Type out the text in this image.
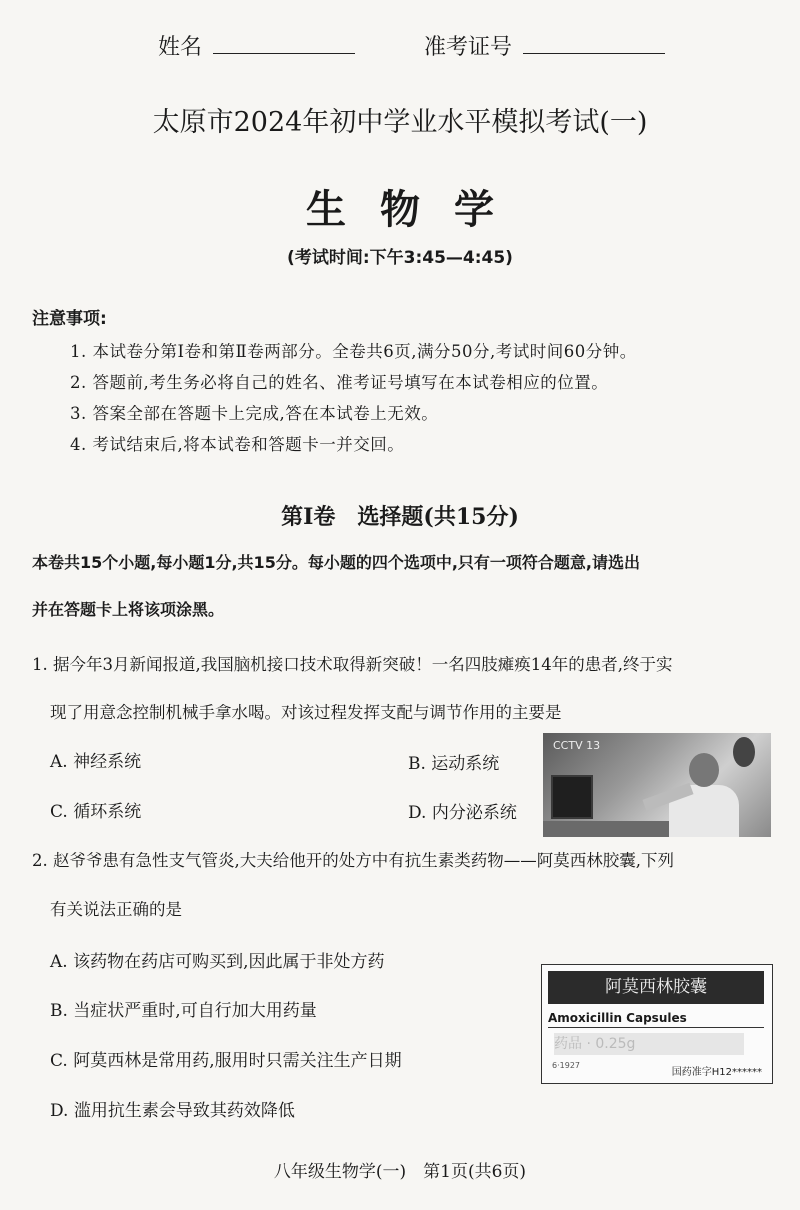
姓名	准考证号
太原市2024年初中学业水平模拟考试(一)
生物学
(考试时间:下午3:45—4:45)
注意事项:
1. 本试卷分第Ⅰ卷和第Ⅱ卷两部分。全卷共6页,满分50分,考试时间60分钟。
2. 答题前,考生务必将自己的姓名、准考证号填写在本试卷相应的位置。
3. 答案全部在答题卡上完成,答在本试卷上无效。
4. 考试结束后,将本试卷和答题卡一并交回。
第Ⅰ卷　选择题(共15分)
本卷共15个小题,每小题1分,共15分。每小题的四个选项中,只有一项符合题意,请选出
并在答题卡上将该项涂黑。
1. 据今年3月新闻报道,我国脑机接口技术取得新突破！一名四肢瘫痪14年的患者,终于实
现了用意念控制机械手拿水喝。对该过程发挥支配与调节作用的主要是
A. 神经系统	B. 运动系统
C. 循环系统	D. 内分泌系统
CCTV 13
2. 赵爷爷患有急性支气管炎,大夫给他开的处方中有抗生素类药物——阿莫西林胶囊,下列
有关说法正确的是
A. 该药物在药店可购买到,因此属于非处方药
B. 当症状严重时,可自行加大用药量
C. 阿莫西林是常用药,服用时只需关注生产日期
D. 滥用抗生素会导致其药效降低
阿莫西林胶囊
Amoxicillin Capsules
药品 · 0.25g
6·1927
国药准字H12******
八年级生物学(一)　第1页(共6页)
